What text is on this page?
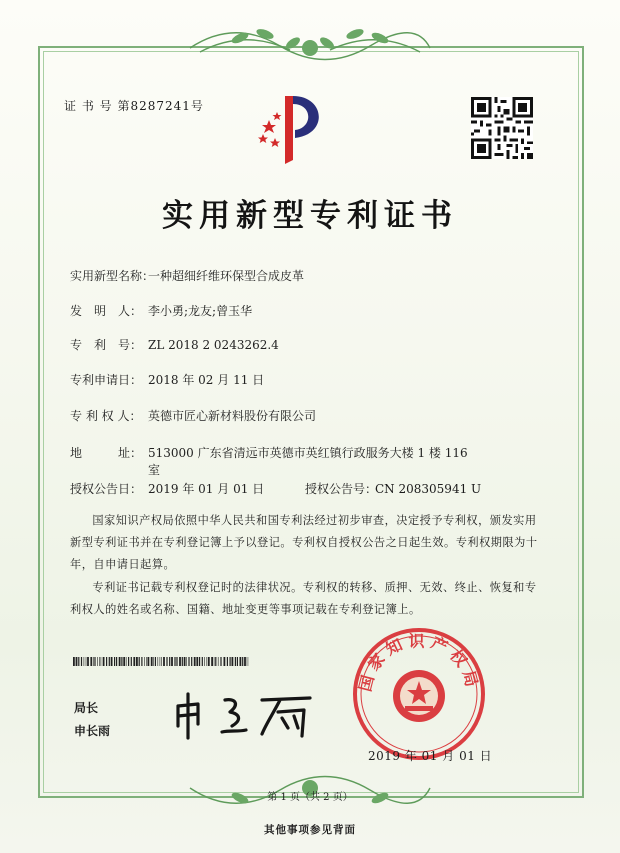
证 书 号 第8287241号
实用新型专利证书
实用新型名称：一种超细纤维环保型合成皮革
发　明　人： 李小勇;龙友;曾玉华
专　利　号： ZL 2018 2 0243262.4
专利申请日： 2018 年 02 月 11 日
专 利 权 人： 英德市匠心新材料股份有限公司
地　　　址： 513000 广东省清远市英德市英红镇行政服务大楼 1 楼 116
室
授权公告日： 2019 年 01 月 01 日	授权公告号：CN 208305941 U
国家知识产权局依照中华人民共和国专利法经过初步审查，决定授予专利权，颁发实用新型专利证书并在专利登记簿上予以登记。专利权自授权公告之日起生效。专利权期限为十年，自申请日起算。
专利证书记载专利权登记时的法律状况。专利权的转移、质押、无效、终止、恢复和专利权人的姓名或名称、国籍、地址变更等事项记载在专利登记簿上。
局长
申长雨
国家知识产权局
2019 年 01 月 01 日
第 1 页（共 2 页）
其他事项参见背面
